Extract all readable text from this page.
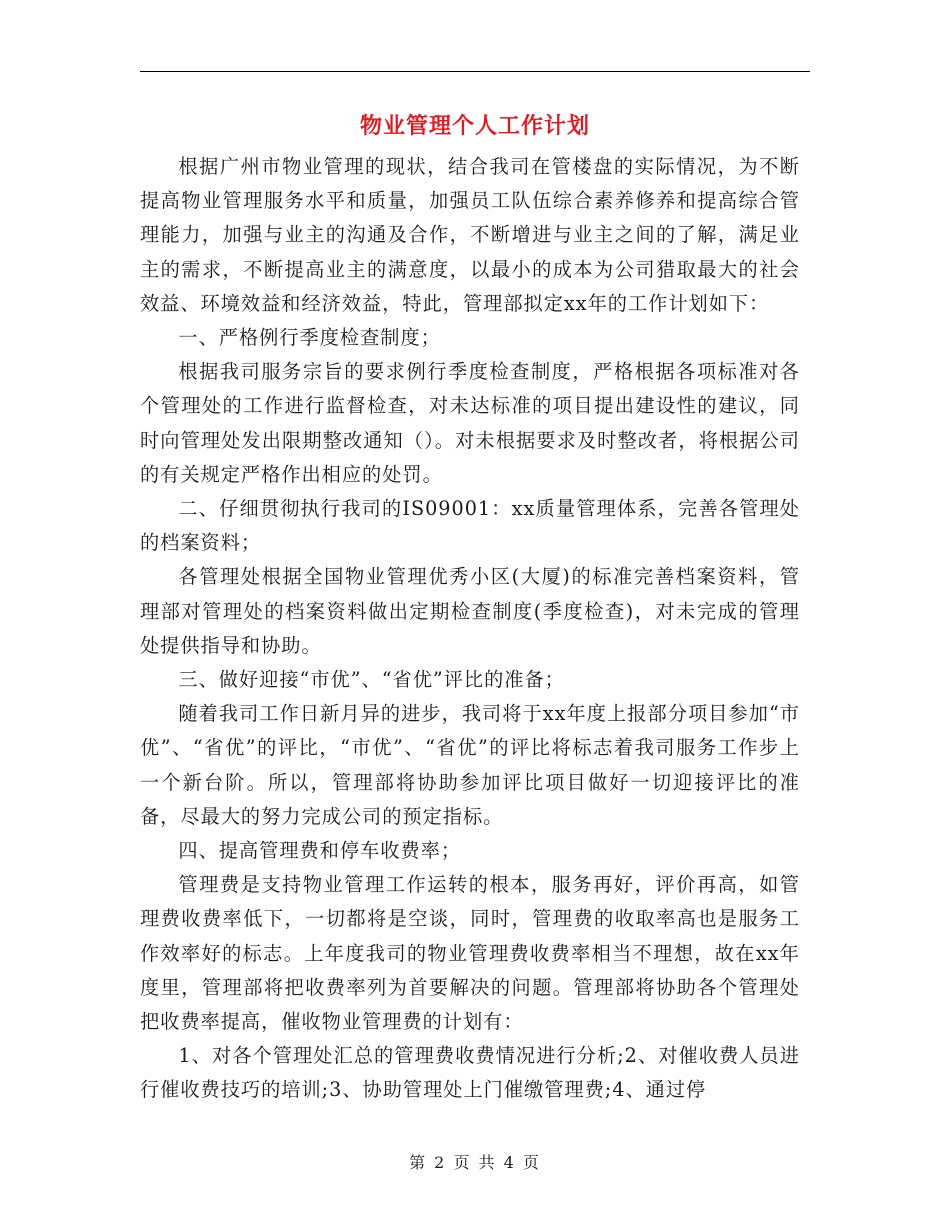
物业管理个人工作计划

根据广州市物业管理的现状，结合我司在管楼盘的实际情况，为不断提高物业管理服务水平和质量，加强员工队伍综合素养修养和提高综合管理能力，加强与业主的沟通及合作，不断增进与业主之间的了解，满足业主的需求，不断提高业主的满意度，以最小的成本为公司猎取最大的社会效益、环境效益和经济效益，特此，管理部拟定xx年的工作计划如下：

一、严格例行季度检查制度；

根据我司服务宗旨的要求例行季度检查制度，严格根据各项标准对各个管理处的工作进行监督检查，对未达标准的项目提出建设性的建议，同时向管理处发出限期整改通知（）。对未根据要求及时整改者，将根据公司的有关规定严格作出相应的处罚。

二、仔细贯彻执行我司的IS09001：xx质量管理体系，完善各管理处的档案资料；

各管理处根据全国物业管理优秀小区(大厦)的标准完善档案资料，管理部对管理处的档案资料做出定期检查制度(季度检查)，对未完成的管理处提供指导和协助。

三、做好迎接“市优”、“省优”评比的准备；

随着我司工作日新月异的进步，我司将于xx年度上报部分项目参加“市优”、“省优”的评比，“市优”、“省优”的评比将标志着我司服务工作步上一个新台阶。所以，管理部将协助参加评比项目做好一切迎接评比的准备，尽最大的努力完成公司的预定指标。

四、提高管理费和停车收费率；

管理费是支持物业管理工作运转的根本，服务再好，评价再高，如管理费收费率低下，一切都将是空谈，同时，管理费的收取率高也是服务工作效率好的标志。上年度我司的物业管理费收费率相当不理想，故在xx年度里，管理部将把收费率列为首要解决的问题。管理部将协助各个管理处把收费率提高，催收物业管理费的计划有：

1、对各个管理处汇总的管理费收费情况进行分析;2、对催收费人员进行催收费技巧的培训;3、协助管理处上门催缴管理费;4、通过停

第 2 页 共 4 页
